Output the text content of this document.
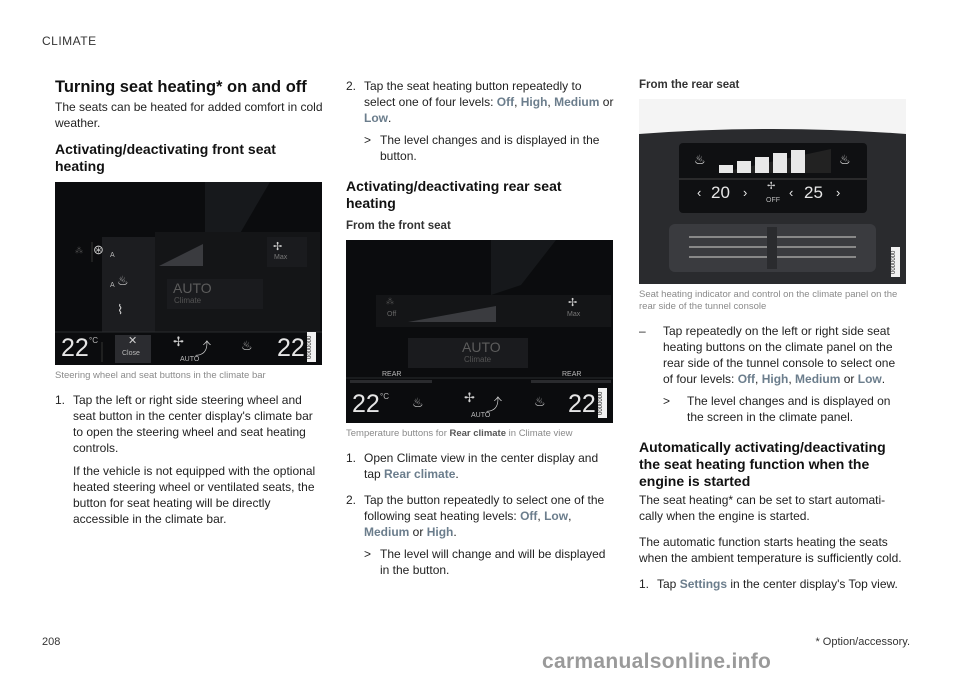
CLIMATE
Turning seat heating* on and off

The seats can be heated for added comfort in cold weather.

Activating/deactivating front seat heating
⊛
⁂
A
A ♨
⌇
✢
Max
AUTO
Climate
✕
Close
22 °C	✢ ⤴
AUTO
♨ 22 0000000
Steering wheel and seat buttons in the climate bar
1. Tap the left or right side steering wheel and seat button in the center display's climate bar to open the steering wheel and seat heating controls.

If the vehicle is not equipped with the optional heated steering wheel or ventilated seats, the button for seat heating will be directly accessible in the climate bar.

2. Tap the seat heating button repeatedly to select one of four levels: Off, High, Medium or Low.

> The level changes and is displayed in the button.
Activating/deactivating rear seat heating
From the front seat
⁂
Off
✢
Max
AUTO
Climate
REAR	REAR
22 °C ♨	✢ ⤴
AUTO
♨ 22 0000000
Temperature buttons for Rear climate in Climate view
1. Open Climate view in the center display and tap Rear climate.

2. Tap the button repeatedly to select one of the following seat heating levels: Off, Low, Medium or High.

> The level will change and will be displayed in the button.
From the rear seat
♨	♨
‹ 20 › ✢
OFF
‹ 25 ›
0000000
Seat heating indicator and control on the climate panel on the rear side of the tunnel console
–	Tap repeatedly on the left or right side seat heating buttons on the climate panel on the rear side of the tunnel console to select one of four levels: Off, High, Medium or Low.

>	The level changes and is displayed on the screen in the climate panel.
Automatically activating/deactivating the seat heating function when the engine is started

The seat heating* can be set to start automati-cally when the engine is started.

The automatic function starts heating the seats when the ambient temperature is sufficiently cold.

1. Tap Settings in the center display's Top view.

208	* Option/accessory.
carmanualsonline.info
